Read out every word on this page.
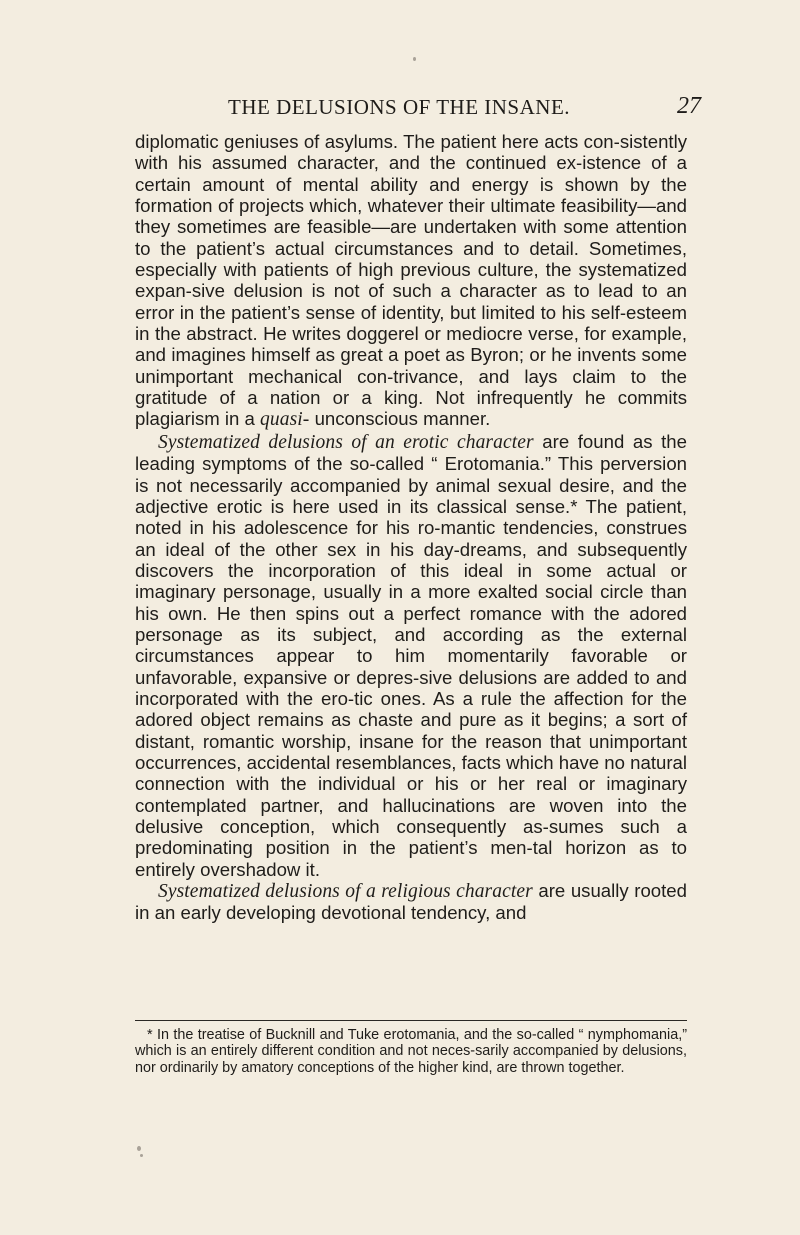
THE DELUSIONS OF THE INSANE.	27

diplomatic geniuses of asylums. The patient here acts con-sistently with his assumed character, and the continued ex-istence of a certain amount of mental ability and energy is shown by the formation of projects which, whatever their ultimate feasibility—and they sometimes are feasible—are undertaken with some attention to the patient’s actual circumstances and to detail. Sometimes, especially with patients of high previous culture, the systematized expan-sive delusion is not of such a character as to lead to an error in the patient’s sense of identity, but limited to his self-esteem in the abstract. He writes doggerel or mediocre verse, for example, and imagines himself as great a poet as Byron; or he invents some unimportant mechanical con-trivance, and lays claim to the gratitude of a nation or a king. Not infrequently he commits plagiarism in a quasi- unconscious manner.

Systematized delusions of an erotic character are found as the leading symptoms of the so-called “ Erotomania.” This perversion is not necessarily accompanied by animal sexual desire, and the adjective erotic is here used in its classical sense.* The patient, noted in his adolescence for his ro-mantic tendencies, construes an ideal of the other sex in his day-dreams, and subsequently discovers the incorporation of this ideal in some actual or imaginary personage, usually in a more exalted social circle than his own. He then spins out a perfect romance with the adored personage as its subject, and according as the external circumstances appear to him momentarily favorable or unfavorable, expansive or depres-sive delusions are added to and incorporated with the ero-tic ones. As a rule the affection for the adored object remains as chaste and pure as it begins; a sort of distant, romantic worship, insane for the reason that unimportant occurrences, accidental resemblances, facts which have no natural connection with the individual or his or her real or imaginary contemplated partner, and hallucinations are woven into the delusive conception, which consequently as-sumes such a predominating position in the patient’s men-tal horizon as to entirely overshadow it.

Systematized delusions of a religious character are usually rooted in an early developing devotional tendency, and

* In the treatise of Bucknill and Tuke erotomania, and the so-called “ nymphomania,” which is an entirely different condition and not neces-sarily accompanied by delusions, nor ordinarily by amatory conceptions of the higher kind, are thrown together.
